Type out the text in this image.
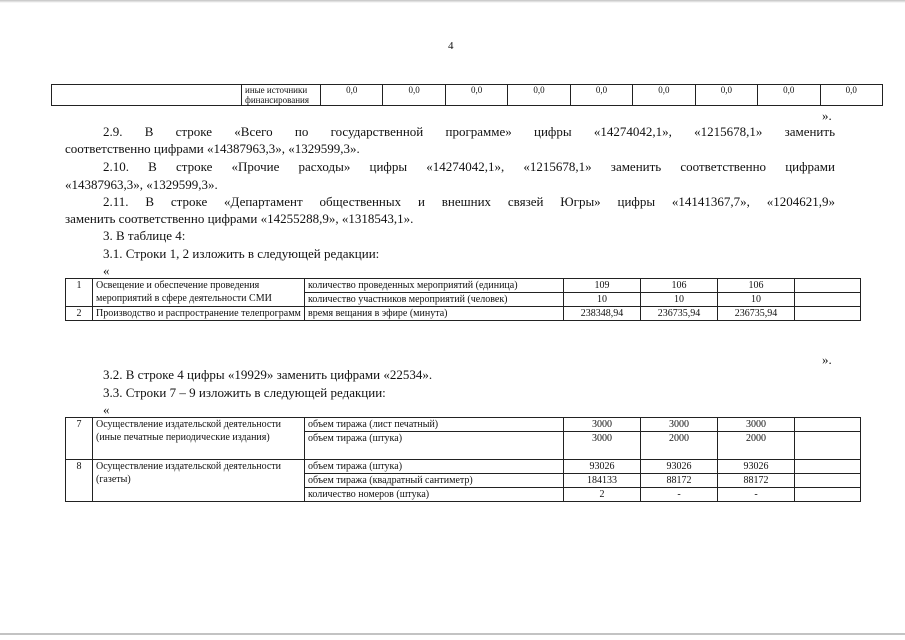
4
	иные источники финансирования	0,0	0,0	0,0	0,0	0,0	0,0	0,0	0,0	0,0
».

2.9. В строке «Всего по государственной программе» цифры «14274042,1», «1215678,1» заменить

соответственно цифрами «14387963,3», «1329599,3».

2.10. В строке «Прочие расходы» цифры «14274042,1», «1215678,1» заменить соответственно цифрами

«14387963,3», «1329599,3».

2.11. В строке «Департамент общественных и внешних связей Югры» цифры «14141367,7», «1204621,9»

заменить соответственно цифрами «14255288,9», «1318543,1».

3. В таблице 4:

3.1. Строки 1, 2 изложить в следующей редакции:

«
1	Освещение и обеспечение проведения мероприятий в сфере деятельности СМИ	количество проведенных мероприятий (единица)	109	106	106	
		количество участников мероприятий (человек)	10	10	10	
2	Производство и распространение телепрограмм	время вещания в эфире (минута)	238348,94	236735,94	236735,94	
».

3.2. В строке 4 цифры «19929» заменить цифрами «22534».

3.3. Строки 7 – 9 изложить в следующей редакции:

«
7	Осуществление издательской деятельности (иные печатные периодические издания)	объем тиража (лист печатный)	3000	3000	3000	
		объем тиража (штука)	3000	2000	2000	
8	Осуществление издательской деятельности (газеты)	объем тиража (штука)	93026	93026	93026	
		объем тиража (квадратный сантиметр)	184133	88172	88172	
		количество номеров (штука)	2	-	-	
